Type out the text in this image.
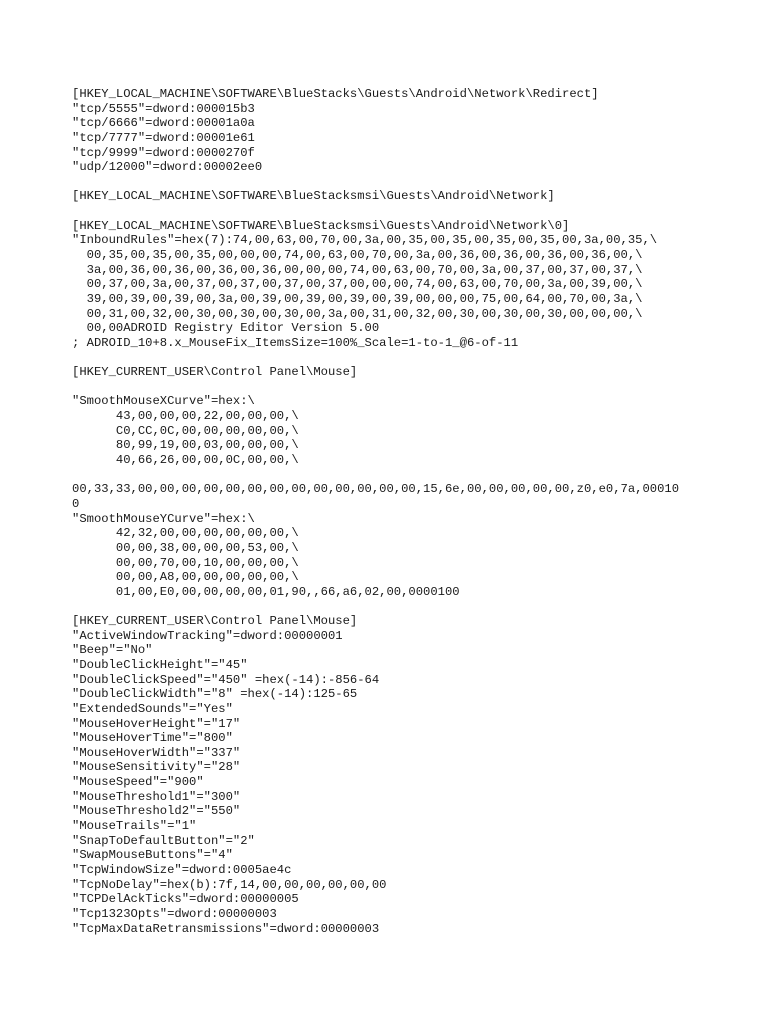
[HKEY_LOCAL_MACHINE\SOFTWARE\BlueStacks\Guests\Android\Network\Redirect]
"tcp/5555"=dword:000015b3
"tcp/6666"=dword:00001a0a
"tcp/7777"=dword:00001e61
"tcp/9999"=dword:0000270f
"udp/12000"=dword:00002ee0
[HKEY_LOCAL_MACHINE\SOFTWARE\BlueStacksmsi\Guests\Android\Network]
[HKEY_LOCAL_MACHINE\SOFTWARE\BlueStacksmsi\Guests\Android\Network\0]
"InboundRules"=hex(7):74,00,63,00,70,00,3a,00,35,00,35,00,35,00,35,00,3a,00,35,\
00,35,00,35,00,35,00,00,00,74,00,63,00,70,00,3a,00,36,00,36,00,36,00,36,00,\
3a,00,36,00,36,00,36,00,36,00,00,00,74,00,63,00,70,00,3a,00,37,00,37,00,37,\
00,37,00,3a,00,37,00,37,00,37,00,37,00,00,00,74,00,63,00,70,00,3a,00,39,00,\
39,00,39,00,39,00,3a,00,39,00,39,00,39,00,39,00,00,00,75,00,64,00,70,00,3a,\
00,31,00,32,00,30,00,30,00,30,00,3a,00,31,00,32,00,30,00,30,00,30,00,00,00,\
00,00ADROID Registry Editor Version 5.00
; ADROID_10+8.x_MouseFix_ItemsSize=100%_Scale=1-to-1_@6-of-11
[HKEY_CURRENT_USER\Control Panel\Mouse]
"SmoothMouseXCurve"=hex:\
43,00,00,00,22,00,00,00,\
C0,CC,0C,00,00,00,00,00,\
80,99,19,00,03,00,00,00,\
40,66,26,00,00,0C,00,00,\
00,33,33,00,00,00,00,00,00,00,00,00,00,00,00,00,15,6e,00,00,00,00,00,z0,e0,7a,00010
0
"SmoothMouseYCurve"=hex:\
42,32,00,00,00,00,00,00,\
00,00,38,00,00,00,53,00,\
00,00,70,00,10,00,00,00,\
00,00,A8,00,00,00,00,00,\
01,00,E0,00,00,00,00,01,90,,66,a6,02,00,0000100
[HKEY_CURRENT_USER\Control Panel\Mouse]
"ActiveWindowTracking"=dword:00000001
"Beep"="No"
"DoubleClickHeight"="45"
"DoubleClickSpeed"="450" =hex(-14):-856-64
"DoubleClickWidth"="8" =hex(-14):125-65
"ExtendedSounds"="Yes"
"MouseHoverHeight"="17"
"MouseHoverTime"="800"
"MouseHoverWidth"="337"
"MouseSensitivity"="28"
"MouseSpeed"="900"
"MouseThreshold1"="300"
"MouseThreshold2"="550"
"MouseTrails"="1"
"SnapToDefaultButton"="2"
"SwapMouseButtons"="4"
"TcpWindowSize"=dword:0005ae4c
"TcpNoDelay"=hex(b):7f,14,00,00,00,00,00,00
"TCPDelAckTicks"=dword:00000005
"Tcp1323Opts"=dword:00000003
"TcpMaxDataRetransmissions"=dword:00000003
